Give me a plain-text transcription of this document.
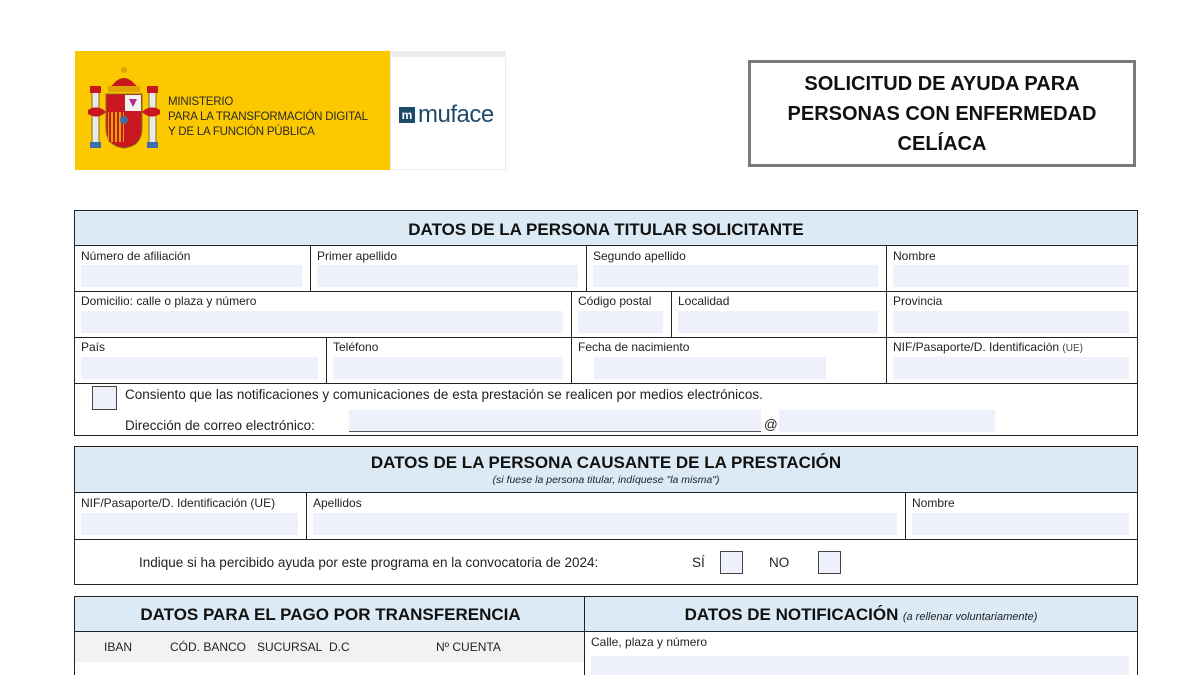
MINISTERIO
PARA LA TRANSFORMACIÓN DIGITAL
Y DE LA FUNCIÓN PÚBLICA
m muface
SOLICITUD DE AYUDA PARA
PERSONAS CON ENFERMEDAD
CELÍACA
DATOS DE LA PERSONA TITULAR SOLICITANTE
Número de afiliación	Primer apellido	Segundo apellido	Nombre
Domicilio: calle o plaza y número	Código postal Localidad	Provincia
País	Teléfono	Fecha de nacimiento	NIF/Pasaporte/D. Identificación (UE)
Consiento que las notificaciones y comunicaciones de esta prestación se realicen por medios electrónicos.
Dirección de correo electrónico:	@
DATOS DE LA PERSONA CAUSANTE DE LA PRESTACIÓN
(si fuese la persona titular, indíquese "la misma")
NIF/Pasaporte/D. Identificación (UE)	Apellidos	Nombre
Indique si ha percibido ayuda por este programa en la convocatoria de 2024:	SÍ	NO
DATOS PARA EL PAGO POR TRANSFERENCIA
IBAN	CÓD. BANCO SUCURSAL D.C	Nº CUENTA
DATOS DE NOTIFICACIÓN (a rellenar voluntariamente)
Calle, plaza y número
